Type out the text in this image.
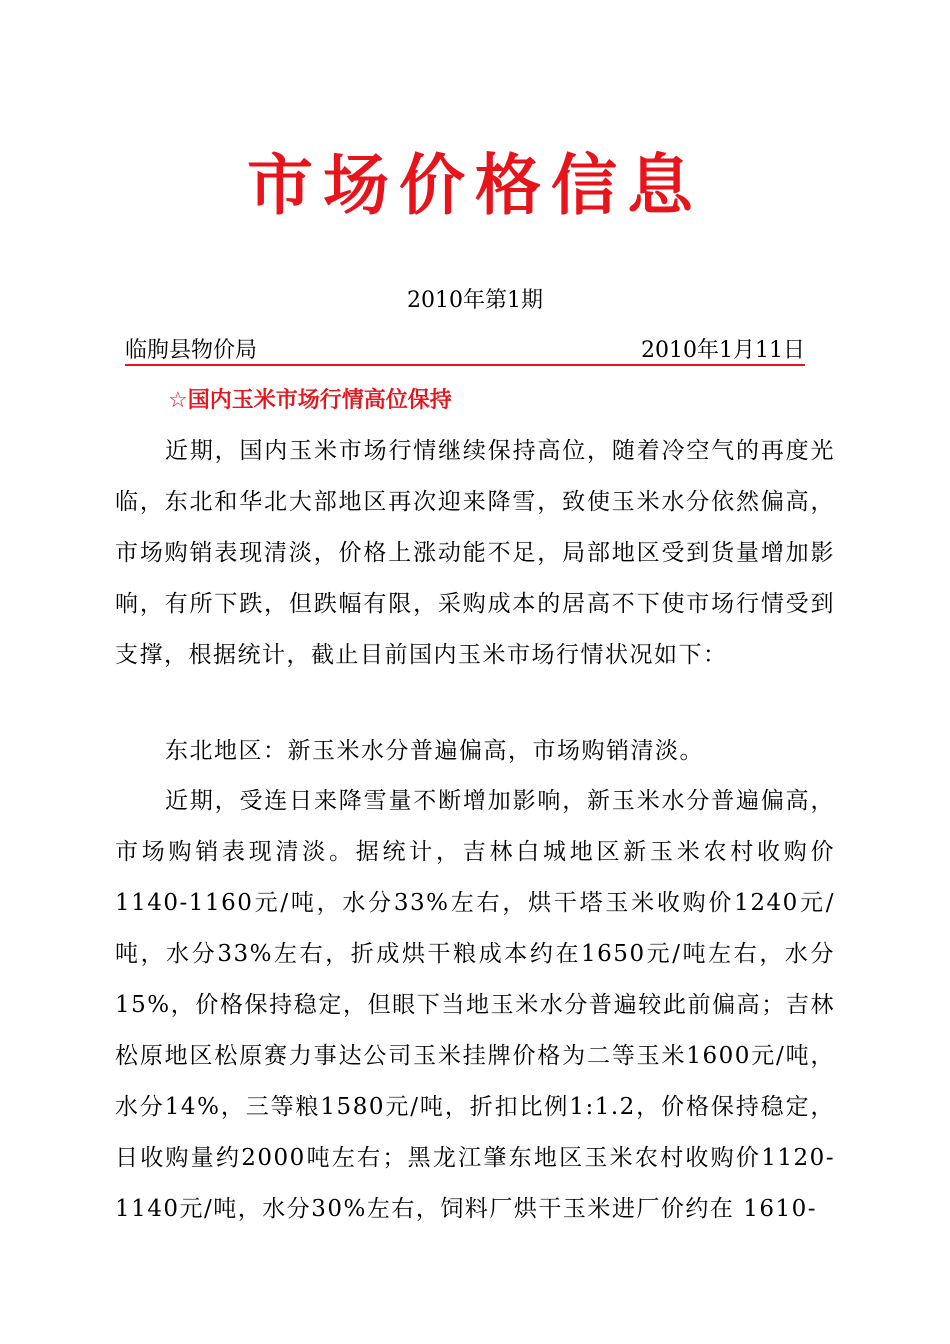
市场价格信息
2010年第1期
临朐县物价局	2010年1月11日
☆国内玉米市场行情高位保持

近期，国内玉米市场行情继续保持高位，随着冷空气的再度光临，东北和华北大部地区再次迎来降雪，致使玉米水分依然偏高，市场购销表现清淡，价格上涨动能不足，局部地区受到货量增加影响，有所下跌，但跌幅有限，采购成本的居高不下使市场行情受到支撑，根据统计，截止目前国内玉米市场行情状况如下：

东北地区：新玉米水分普遍偏高，市场购销清淡。

近期，受连日来降雪量不断增加影响，新玉米水分普遍偏高，市场购销表现清淡。据统计，吉林白城地区新玉米农村收购价1140-1160元/吨，水分33%左右，烘干塔玉米收购价1240元/吨，水分33%左右，折成烘干粮成本约在1650元/吨左右，水分15%，价格保持稳定，但眼下当地玉米水分普遍较此前偏高；吉林松原地区松原赛力事达公司玉米挂牌价格为二等玉米1600元/吨，水分14%，三等粮1580元/吨，折扣比例1:1.2，价格保持稳定，日收购量约2000吨左右；黑龙江肇东地区玉米农村收购价1120-1140元/吨，水分30%左右，饲料厂烘干玉米进厂价约在 1610-
